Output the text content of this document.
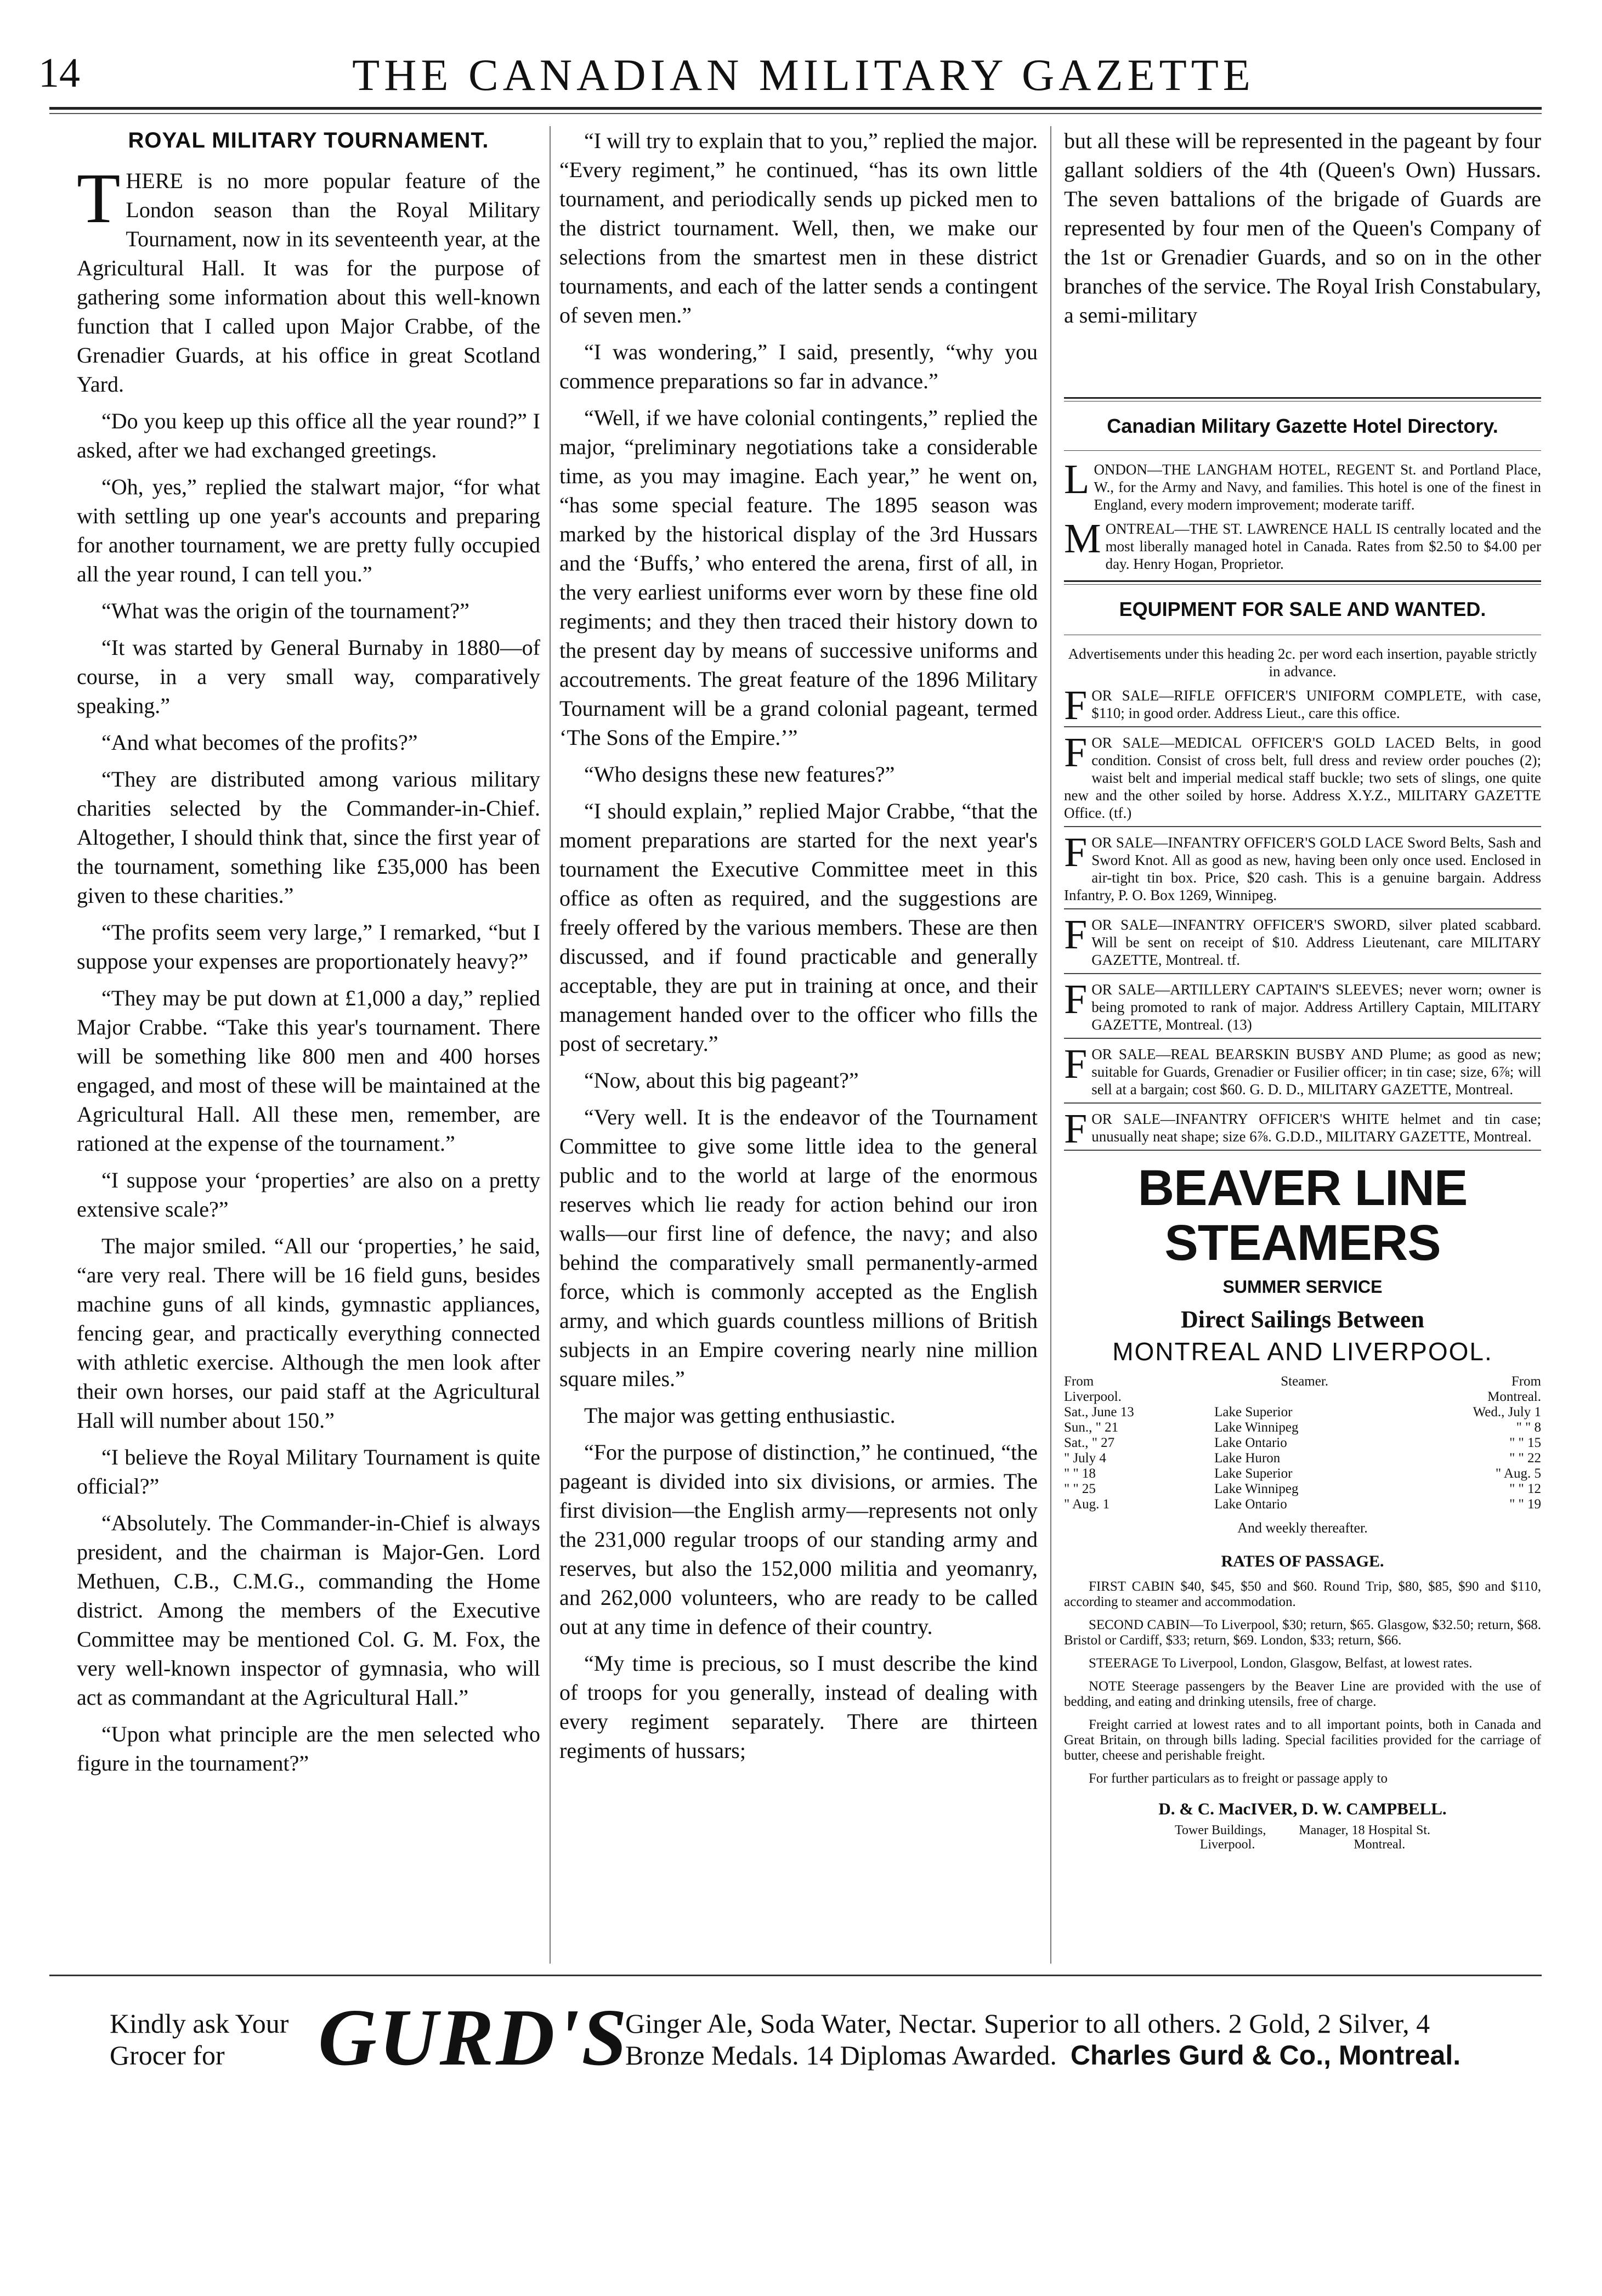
14	THE CANADIAN MILITARY GAZETTE
ROYAL MILITARY TOURNAMENT.

THERE is no more popular feature of the London season than the Royal Military Tournament, now in its seventeenth year, at the Agricultural Hall. It was for the purpose of gathering some information about this well-known function that I called upon Major Crabbe, of the Grenadier Guards, at his office in great Scotland Yard.

“Do you keep up this office all the year round?” I asked, after we had exchanged greetings.

“Oh, yes,” replied the stalwart major, “for what with settling up one year's accounts and preparing for another tournament, we are pretty fully occupied all the year round, I can tell you.”

“What was the origin of the tournament?”

“It was started by General Burnaby in 1880—of course, in a very small way, comparatively speaking.”

“And what becomes of the profits?”

“They are distributed among various military charities selected by the Commander-in-Chief. Altogether, I should think that, since the first year of the tournament, something like £35,000 has been given to these charities.”

“The profits seem very large,” I remarked, “but I suppose your expenses are proportionately heavy?”

“They may be put down at £1,000 a day,” replied Major Crabbe. “Take this year's tournament. There will be something like 800 men and 400 horses engaged, and most of these will be maintained at the Agricultural Hall. All these men, remember, are rationed at the expense of the tournament.”

“I suppose your ‘properties’ are also on a pretty extensive scale?”

The major smiled. “All our ‘properties,’ he said, “are very real. There will be 16 field guns, besides machine guns of all kinds, gymnastic appliances, fencing gear, and practically everything connected with athletic exercise. Although the men look after their own horses, our paid staff at the Agricultural Hall will number about 150.”

“I believe the Royal Military Tournament is quite official?”

“Absolutely. The Commander-in-Chief is always president, and the chairman is Major-Gen. Lord Methuen, C.B., C.M.G., commanding the Home district. Among the members of the Executive Committee may be mentioned Col. G. M. Fox, the very well-known inspector of gymnasia, who will act as commandant at the Agricultural Hall.”

“Upon what principle are the men selected who figure in the tournament?”

“I will try to explain that to you,” replied the major. “Every regiment,” he continued, “has its own little tournament, and periodically sends up picked men to the district tournament. Well, then, we make our selections from the smartest men in these district tournaments, and each of the latter sends a contingent of seven men.”

“I was wondering,” I said, presently, “why you commence preparations so far in advance.”

“Well, if we have colonial contingents,” replied the major, “preliminary negotiations take a considerable time, as you may imagine. Each year,” he went on, “has some special feature. The 1895 season was marked by the historical display of the 3rd Hussars and the ‘Buffs,’ who entered the arena, first of all, in the very earliest uniforms ever worn by these fine old regiments; and they then traced their history down to the present day by means of successive uniforms and accoutrements. The great feature of the 1896 Military Tournament will be a grand colonial pageant, termed ‘The Sons of the Empire.’”

“Who designs these new features?”

“I should explain,” replied Major Crabbe, “that the moment preparations are started for the next year's tournament the Executive Committee meet in this office as often as required, and the suggestions are freely offered by the various members. These are then discussed, and if found practicable and generally acceptable, they are put in training at once, and their management handed over to the officer who fills the post of secretary.”

“Now, about this big pageant?”

“Very well. It is the endeavor of the Tournament Committee to give some little idea to the general public and to the world at large of the enormous reserves which lie ready for action behind our iron walls—our first line of defence, the navy; and also behind the comparatively small permanently-armed force, which is commonly accepted as the English army, and which guards countless millions of British subjects in an Empire covering nearly nine million square miles.”

The major was getting enthusiastic.

“For the purpose of distinction,” he continued, “the pageant is divided into six divisions, or armies. The first division—the English army—represents not only the 231,000 regular troops of our standing army and reserves, but also the 152,000 militia and yeomanry, and 262,000 volunteers, who are ready to be called out at any time in defence of their country.

“My time is precious, so I must describe the kind of troops for you generally, instead of dealing with every regiment separately. There are thirteen regiments of hussars;

but all these will be represented in the pageant by four gallant soldiers of the 4th (Queen's Own) Hussars. The seven battalions of the brigade of Guards are represented by four men of the Queen's Company of the 1st or Grenadier Guards, and so on in the other branches of the service. The Royal Irish Constabulary, a semi-military

Canadian Military Gazette Hotel Directory.
LONDON—THE LANGHAM HOTEL, REGENT St. and Portland Place, W., for the Army and Navy, and families. This hotel is one of the finest in England, every modern improvement; moderate tariff.
MONTREAL—THE ST. LAWRENCE HALL IS centrally located and the most liberally managed hotel in Canada. Rates from $2.50 to $4.00 per day. Henry Hogan, Proprietor.
EQUIPMENT FOR SALE AND WANTED.
Advertisements under this heading 2c. per word each insertion, payable strictly in advance.
FOR SALE—RIFLE OFFICER'S UNIFORM COMPLETE, with case, $110; in good order. Address Lieut., care this office.
FOR SALE—MEDICAL OFFICER'S GOLD LACED Belts, in good condition. Consist of cross belt, full dress and review order pouches (2); waist belt and imperial medical staff buckle; two sets of slings, one quite new and the other soiled by horse. Address X.Y.Z., MILITARY GAZETTE Office. (tf.)
FOR SALE—INFANTRY OFFICER'S GOLD LACE Sword Belts, Sash and Sword Knot. All as good as new, having been only once used. Enclosed in air-tight tin box. Price, $20 cash. This is a genuine bargain. Address Infantry, P. O. Box 1269, Winnipeg.
FOR SALE—INFANTRY OFFICER'S SWORD, silver plated scabbard. Will be sent on receipt of $10. Address Lieutenant, care MILITARY GAZETTE, Montreal. tf.
FOR SALE—ARTILLERY CAPTAIN'S SLEEVES; never worn; owner is being promoted to rank of major. Address Artillery Captain, MILITARY GAZETTE, Montreal. (13)
FOR SALE—REAL BEARSKIN BUSBY AND Plume; as good as new; suitable for Guards, Grenadier or Fusilier officer; in tin case; size, 6⅞; will sell at a bargain; cost $60. G. D. D., MILITARY GAZETTE, Montreal.
FOR SALE—INFANTRY OFFICER'S WHITE helmet and tin case; unusually neat shape; size 6⅞. G.D.D., MILITARY GAZETTE, Montreal.
BEAVER LINE STEAMERS
SUMMER SERVICE
Direct Sailings Between
MONTREAL AND LIVERPOOL.
From	Steamer.	From
Liverpool.		Montreal.
Sat., June 13	Lake Superior	Wed., July 1
Sun., " 21	Lake Winnipeg	" " 8
Sat., " 27	Lake Ontario	" " 15
" July 4	Lake Huron	" " 22
" " 18	Lake Superior	" Aug. 5
" " 25	Lake Winnipeg	" " 12
" Aug. 1	Lake Ontario	" " 19
And weekly thereafter.
RATES OF PASSAGE.

FIRST CABIN $40, $45, $50 and $60. Round Trip, $80, $85, $90 and $110, according to steamer and accommodation.

SECOND CABIN—To Liverpool, $30; return, $65. Glasgow, $32.50; return, $68. Bristol or Cardiff, $33; return, $69. London, $33; return, $66.

STEERAGE To Liverpool, London, Glasgow, Belfast, at lowest rates.

NOTE Steerage passengers by the Beaver Line are provided with the use of bedding, and eating and drinking utensils, free of charge.

Freight carried at lowest rates and to all important points, both in Canada and Great Britain, on through bills lading. Special facilities provided for the carriage of butter, cheese and perishable freight.

For further particulars as to freight or passage apply to

D. & C. MacIVER, D. W. CAMPBELL.
Tower Buildings,          Manager, 18 Hospital St.
Liverpool.                              Montreal.
Kindly ask Your
Grocer for	GURD'S
Ginger Ale, Soda Water, Nectar. Superior to all others. 2 Gold, 2 Silver, 4
Bronze Medals. 14 Diplomas Awarded. Charles Gurd & Co., Montreal.
